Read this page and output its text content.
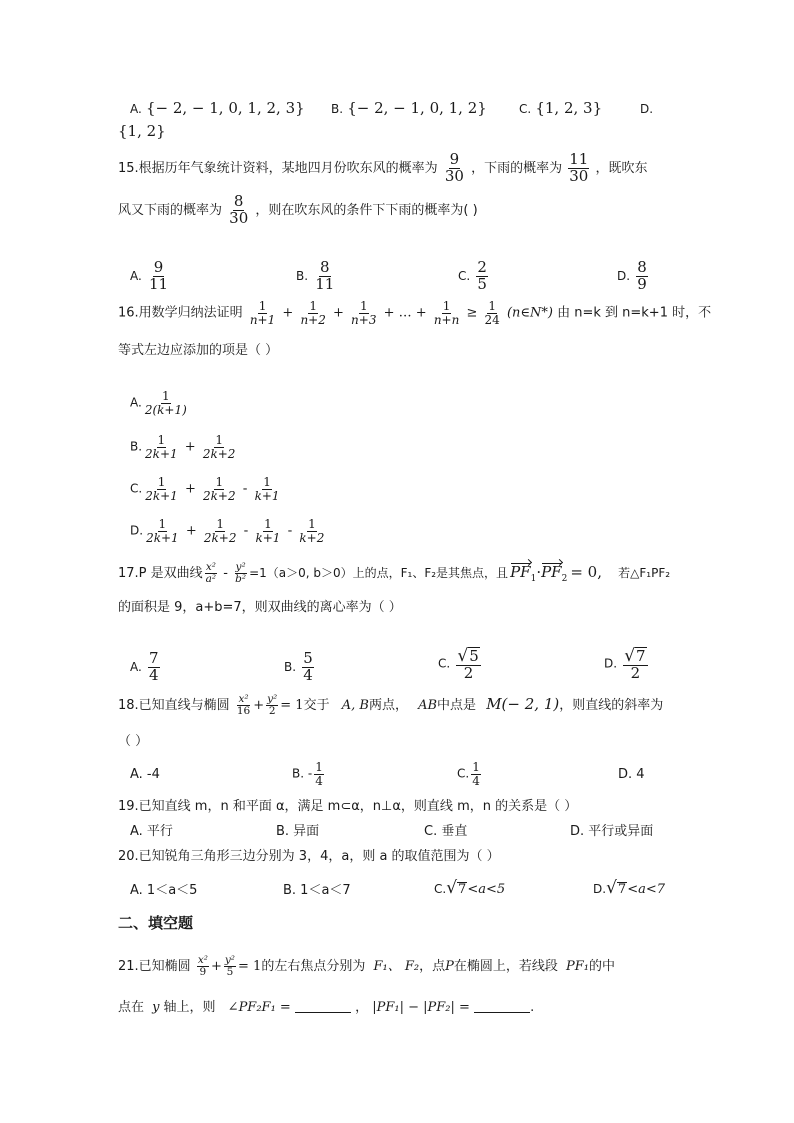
A. {− 2, − 1, 0, 1, 2, 3} B. {− 2, − 1, 0, 1, 2}	C. {1, 2, 3}	D.
{1, 2}
15.根据历年气象统计资料，某地四月份吹东风的概率为 $\frac{9}{30}$ ，下雨的概率为 $\frac{11}{30}$ ，既吹东
风又下雨的概率为 $\frac{8}{30}$ ，则在吹东风的条件下下雨的概率为( )
A. $\frac{9}{11}$	B. $\frac{8}{11}$	C. $\frac{2}{5}$	D. $\frac{8}{9}$
16.用数学归纳法证明 $\frac{1}{n+1} + \frac{1}{n+2} + \frac{1}{n+3}$ + … + $\frac{1}{n+n} \ge \frac{1}{24}$ (n∈N*) 由 n=k 到 n=k+1 时，不
等式左边应添加的项是（ ）
A. $\frac{1}{2(k+1)}$
B. $\frac{1}{2k+1} + \frac{1}{2k+2}$
C. $\frac{1}{2k+1} + \frac{1}{2k+2} - \frac{1}{k+1}$
D. $\frac{1}{2k+1} + \frac{1}{2k+2} - \frac{1}{k+1} - \frac{1}{k+2}$
17.P 是双曲线 $\frac{\text{x²}}{\text{a²}} - \frac{\text{y²}}{\text{b²}} =1(a>0$, b＞0）上的点，F₁、F₂是其焦点，且 $PF_1\cdot PF_2 = 0$, 若△F₁PF₂
的面积是 9，a+b=7，则双曲线的离心率为（ ）
A. $\frac{7}{4}$	B. $\frac{5}{4}$	C. $\frac{√ 5}{2}$	D. $\frac{√ 7}{2}$
18.已知直线与椭圆 $\frac{\text{x²}}{16} + \frac{\text{y²}}{2} = 1$交于 A, B两点， AB中点是 M(− 2, 1)，则直线的斜率为
（ ）
A. -4	B. - $\frac{1}{4}$	C. $\frac{1}{4}$	D. 4
19.已知直线 m，n 和平面 α，满足 m⊂α，n⊥α，则直线 m，n 的关系是（ ）
A. 平行	B. 异面	C. 垂直	D. 平行或异面
20.已知锐角三角形三边分别为 3，4，a，则 a 的取值范围为（ ）
A. 1＜a＜5	B. 1＜a＜7	C. √ 7 <a<5	D. √ 7 <a<7
二、填空题
21.已知椭圆 $\frac{\text{x²}}{9} + \frac{\text{y²}}{5} = 1$的左右焦点分别为 F₁、 F₂，点P在椭圆上，若线段 PF₁的中
点在 y 轴上，则 ∠PF₂F₁ =	， |PF₁| − |PF₂| =	.
